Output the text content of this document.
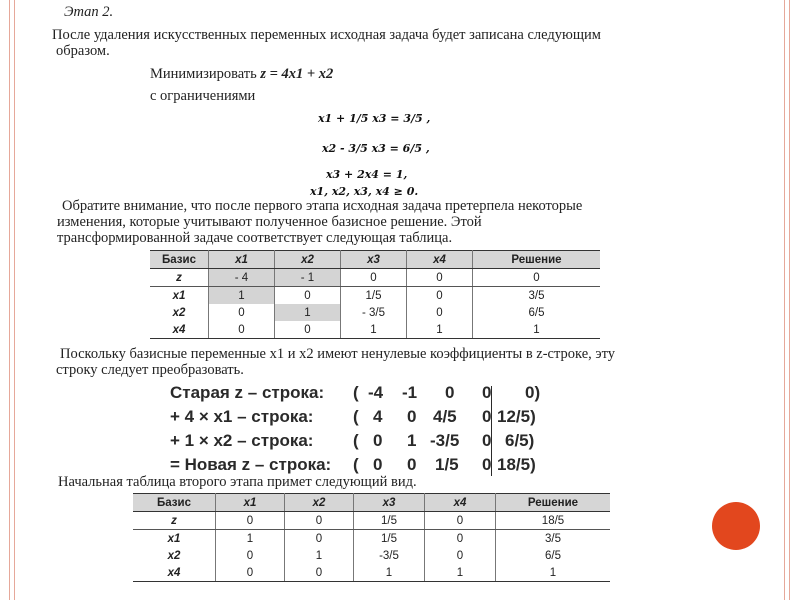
Этап 2.
После удаления искусственных переменных исходная задача будет записана следующим
образом.
Минимизировать z = 4x1 + x2
с ограничениями
x1 + 1/5 x3 = 3/5 ,
x2 - 3/5 x3 = 6/5 ,
x3 + 2x4 = 1,
x1, x2, x3, x4 ≥ 0.
Обратите внимание, что после первого этапа исходная задача претерпела некоторые
изменения, которые учитывают полученное базисное решение. Этой
трансформированной задаче соответствует следующая таблица.
Базис	x1	x2	x3	x4	Решение
z	- 4	- 1	0	0	0
x1	1	0	1/5	0	3/5
x2	0	1	- 3/5	0	6/5
x4	0	0	1	1	1
Поскольку базисные переменные x1 и x2 имеют ненулевые коэффициенты в z-строке, эту
строку следует преобразовать.
Старая z – строка: ( -4 -1 0 0 0)
+ 4 × x1 – строка: ( 4 0 4/5 0 12/5)
+ 1 × x2 – строка: ( 0 1 -3/5 0 6/5)
= Новая z – строка: ( 0 0 1/5 0 18/5)
Начальная таблица второго этапа примет следующий вид.
Базис	x1	x2	x3	x4	Решение
z	0	0	1/5	0	18/5
x1	1	0	1/5	0	3/5
x2	0	1	-3/5	0	6/5
x4	0	0	1	1	1
